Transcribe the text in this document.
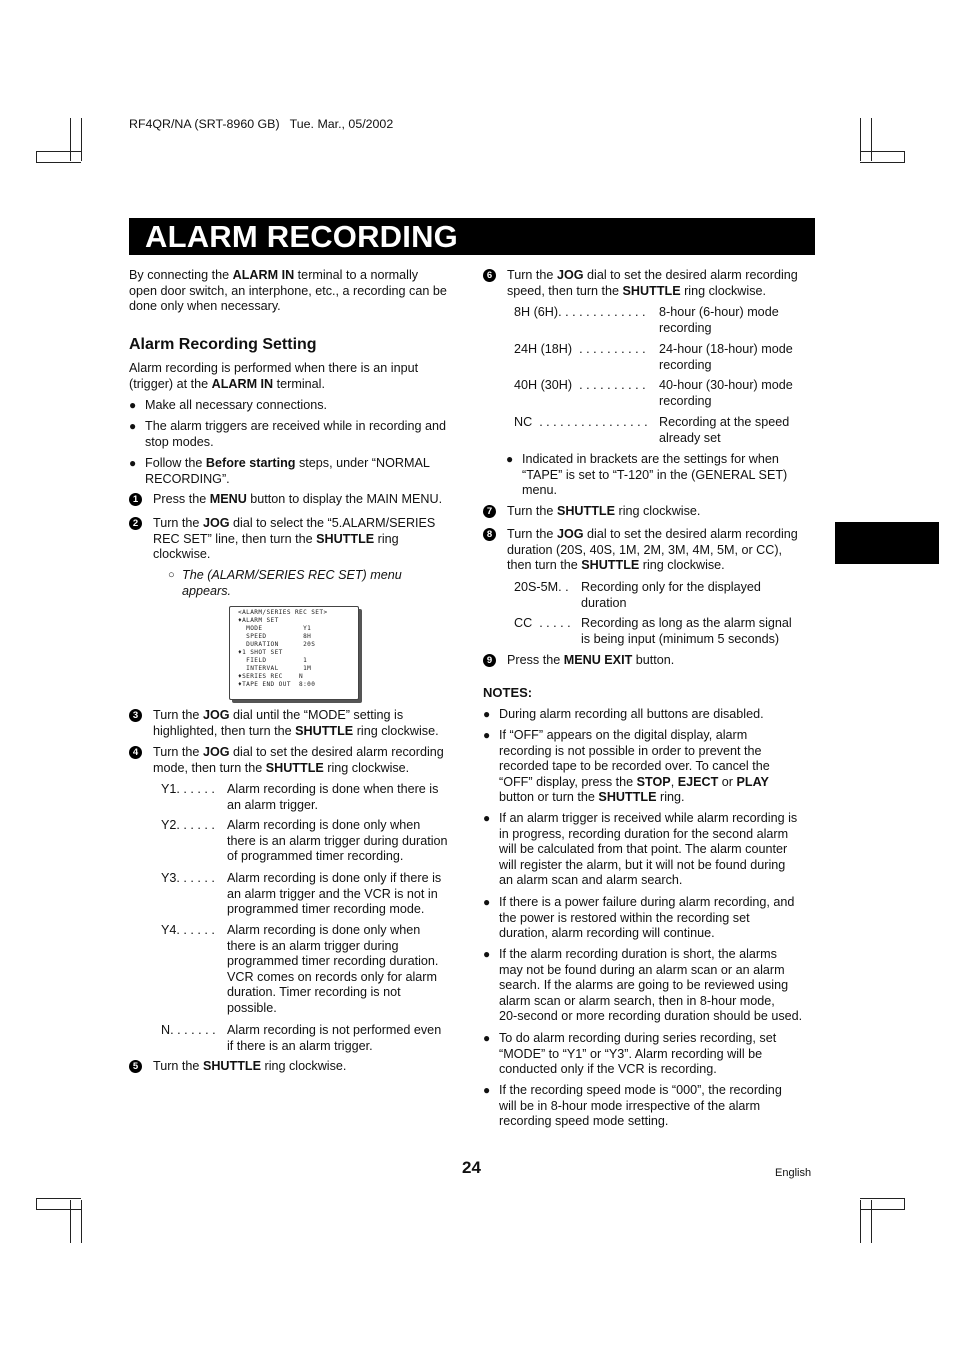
RF4QR/NA (SRT-8960 GB)   Tue. Mar., 05/2002
ALARM RECORDING

By connecting the ALARM IN terminal to a normally

open door switch, an interphone, etc., a recording can be

done only when necessary.

Alarm Recording Setting

Alarm recording is performed when there is an input

(trigger) at the ALARM IN terminal.

● Make all necessary connections.
● The alarm triggers are received while in recording and
stop modes.
● Follow the Before starting steps, under “NORMAL
RECORDING”.
1	Press the MENU button to display the MAIN MENU.
2	Turn the JOG dial to select the “5.ALARM/SERIES
REC SET” line, then turn the SHUTTLE ring
clockwise.
○ The (ALARM/SERIES REC SET) menu
appears.
<ALARM/SERIES REC SET>
♦ALARM SET
MODE          Y1
SPEED         8H
DURATION      20S
♦1 SHOT SET
FIELD         1
INTERVAL      1M
♦SERIES REC    N
♦TAPE END OUT  8:00
3	Turn the JOG dial until the “MODE” setting is
highlighted, then turn the SHUTTLE ring clockwise.
4	Turn the JOG dial to set the desired alarm recording
mode, then turn the SHUTTLE ring clockwise.
Y1. . . . . . Alarm recording is done when there is
an alarm trigger.
Y2. . . . . . Alarm recording is done only when
there is an alarm trigger during duration
of programmed timer recording.
Y3. . . . . . Alarm recording is done only if there is
an alarm trigger and the VCR is not in
programmed timer recording mode.
Y4. . . . . . Alarm recording is done only when
there is an alarm trigger during
programmed timer recording duration.
VCR comes on records only for alarm
duration. Timer recording is not
possible.
N. . . . . . . Alarm recording is not performed even
if there is an alarm trigger.
5	Turn the SHUTTLE ring clockwise.
6	Turn the JOG dial to set the desired alarm recording
speed, then turn the SHUTTLE ring clockwise.
8H (6H). . . . . . . . . . . . . 8-hour (6-hour) mode
recording
24H (18H)  . . . . . . . . . . 24-hour (18-hour) mode
recording
40H (30H)  . . . . . . . . . . 40-hour (30-hour) mode
recording
NC  . . . . . . . . . . . . . . . . Recording at the speed
already set
● Indicated in brackets are the settings for when
“TAPE” is set to “T-120” in the (GENERAL SET)
menu.
7	Turn the SHUTTLE ring clockwise.
8	Turn the JOG dial to set the desired alarm recording
duration (20S, 40S, 1M, 2M, 3M, 4M, 5M, or CC),
then turn the SHUTTLE ring clockwise.
20S-5M. . Recording only for the displayed
duration
CC  . . . . . Recording as long as the alarm signal
is being input (minimum 5 seconds)
9	Press the MENU EXIT button.
NOTES:
● During alarm recording all buttons are disabled.
● If “OFF” appears on the digital display, alarm
recording is not possible in order to prevent the
recorded tape to be recorded over. To cancel the
“OFF” display, press the STOP, EJECT or PLAY
button or turn the SHUTTLE ring.
● If an alarm trigger is received while alarm recording is
in progress, recording duration for the second alarm
will be calculated from that point. The alarm counter
will register the alarm, but it will not be found during
an alarm scan and alarm search.
● If there is a power failure during alarm recording, and
the power is restored within the recording set
duration, alarm recording will continue.
● If the alarm recording duration is short, the alarms
may not be found during an alarm scan or an alarm
search. If the alarms are going to be reviewed using
alarm scan or alarm search, then in 8-hour mode,
20-second or more recording duration should be used.
● To do alarm recording during series recording, set
“MODE” to “Y1” or “Y3”. Alarm recording will be
conducted only if the VCR is recording.
● If the recording speed mode is “000”, the recording
will be in 8-hour mode irrespective of the alarm
recording speed mode setting.
24	English
